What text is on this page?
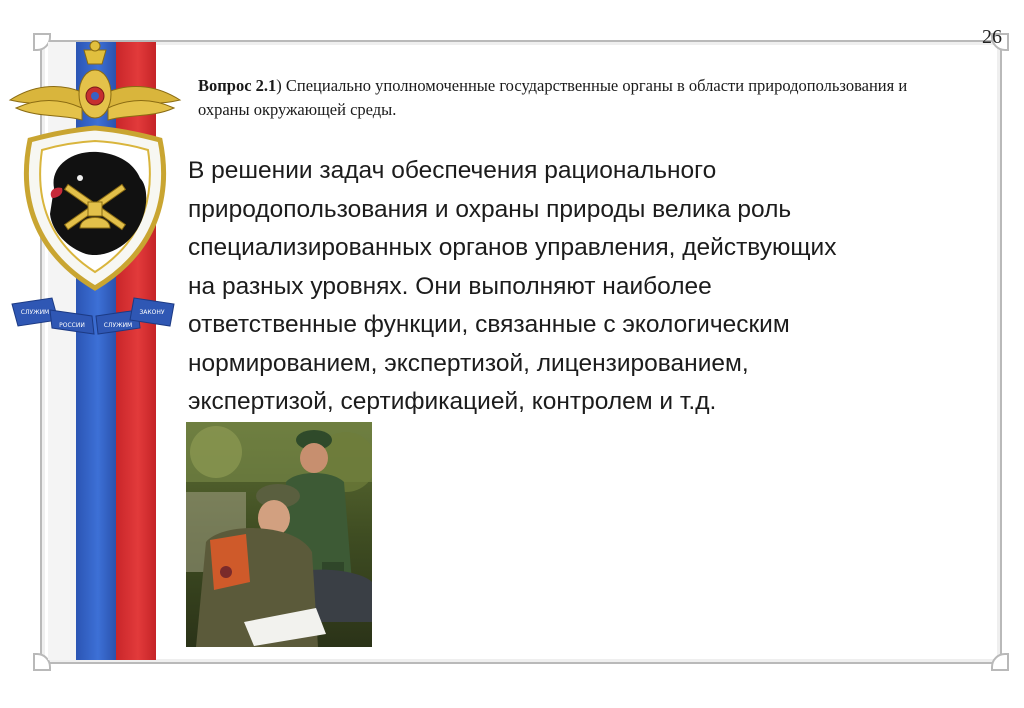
СЛУЖИМ
РОССИИ	СЛУЖИМ
ЗАКОНУ
26
Вопрос 2.1) Специально уполномоченные государственные органы в области природопользования и охраны окружающей среды.
В решении задач обеспечения рационального
природопользования и охраны природы велика роль
специализированных органов управления, действующих
на разных уровнях. Они выполняют наиболее
ответственные функции, связанные с экологическим
нормированием, экспертизой, лицензированием,
экспертизой, сертификацией, контролем и т.д.
